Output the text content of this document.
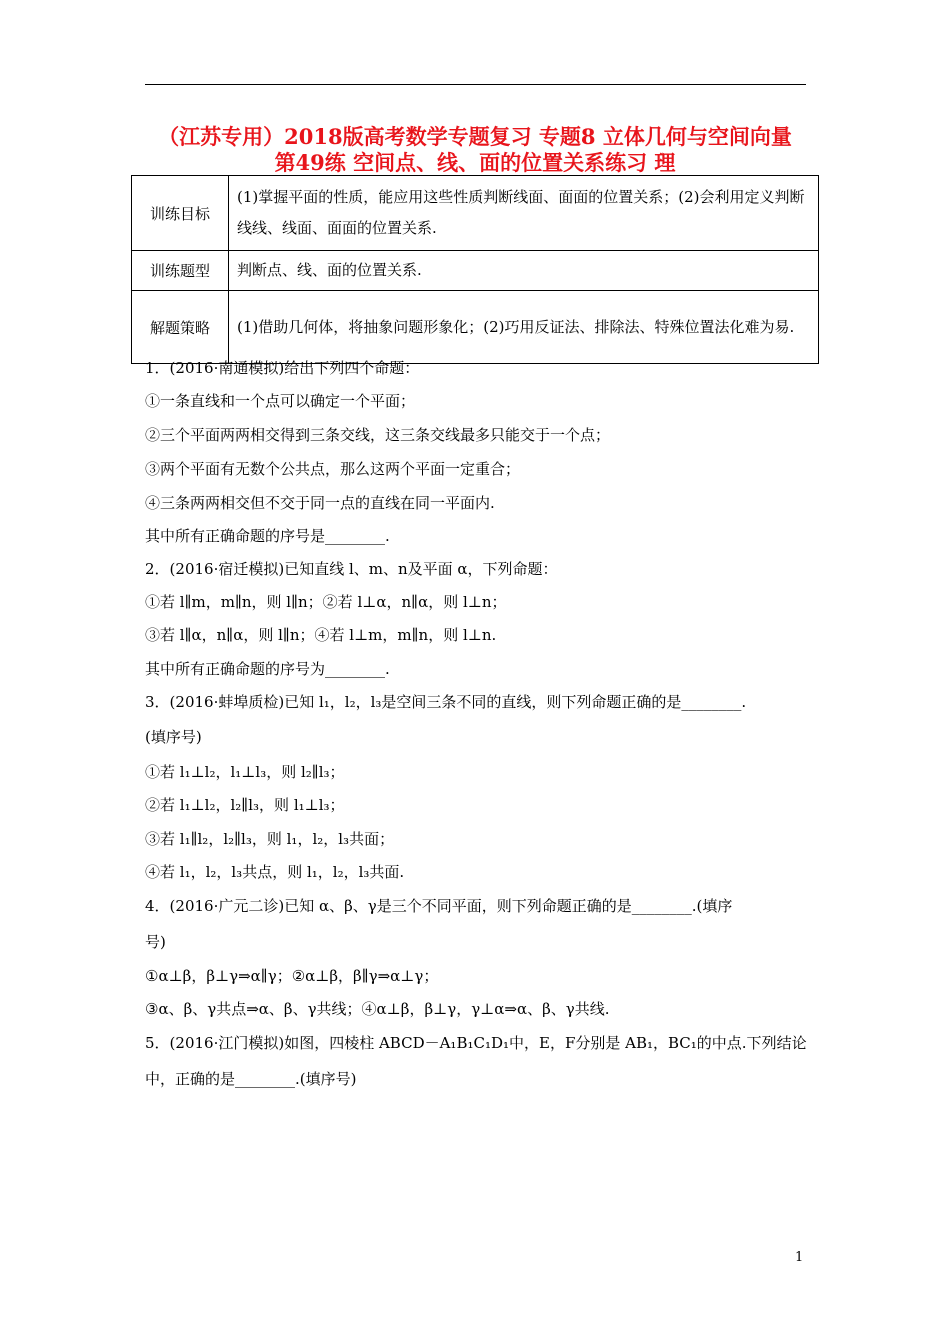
（江苏专用）2018版高考数学专题复习 专题8 立体几何与空间向量
第49练 空间点、线、面的位置关系练习 理
训练目标	(1)掌握平面的性质，能应用这些性质判断线面、面面的位置关系；(2)会利用定义判断线线、线面、面面的位置关系.
训练题型	判断点、线、面的位置关系.
解题策略	(1)借助几何体，将抽象问题形象化；(2)巧用反证法、排除法、特殊位置法化难为易.
1．(2016·南通模拟)给出下列四个命题：
①一条直线和一个点可以确定一个平面；
②三个平面两两相交得到三条交线，这三条交线最多只能交于一个点；
③两个平面有无数个公共点，那么这两个平面一定重合；
④三条两两相交但不交于同一点的直线在同一平面内.
其中所有正确命题的序号是________.
2．(2016·宿迁模拟)已知直线 l、m、n及平面 α，下列命题：
①若 l∥m，m∥n，则 l∥n；②若 l⊥α，n∥α，则 l⊥n；
③若 l∥α，n∥α，则 l∥n；④若 l⊥m，m∥n，则 l⊥n.
其中所有正确命题的序号为________.
3．(2016·蚌埠质检)已知 l₁，l₂，l₃是空间三条不同的直线，则下列命题正确的是________.
(填序号)
①若 l₁⊥l₂，l₁⊥l₃，则 l₂∥l₃；
②若 l₁⊥l₂，l₂∥l₃，则 l₁⊥l₃；
③若 l₁∥l₂，l₂∥l₃，则 l₁，l₂，l₃共面；
④若 l₁，l₂，l₃共点，则 l₁，l₂，l₃共面.
4．(2016·广元二诊)已知 α、β、γ是三个不同平面，则下列命题正确的是________.(填序
号)
①α⊥β，β⊥γ⇒α∥γ；②α⊥β，β∥γ⇒α⊥γ；
③α、β、γ共点⇒α、β、γ共线；④α⊥β，β⊥γ，γ⊥α⇒α、β、γ共线.
5．(2016·江门模拟)如图，四棱柱 ABCD－A₁B₁C₁D₁中，E，F分别是 AB₁，BC₁的中点.下列结论
中，正确的是________.(填序号)
1
